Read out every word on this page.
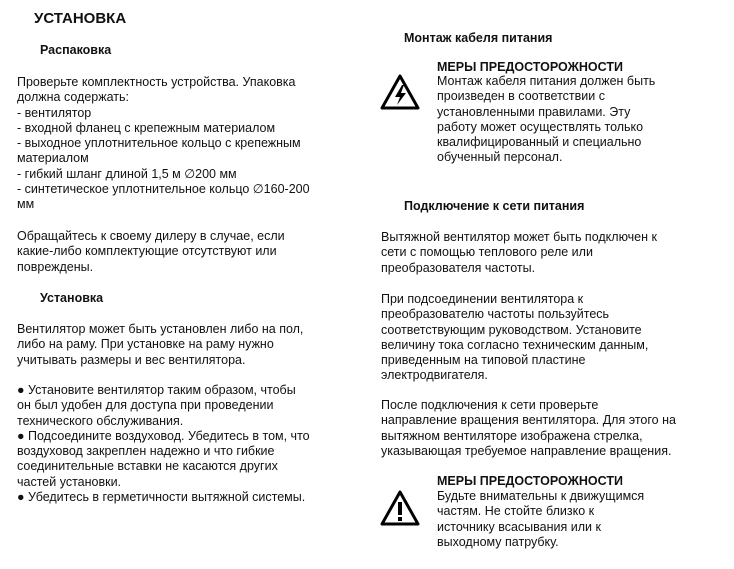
УСТАНОВКА
Распаковка
Проверьте комплектность устройства. Упаковка
должна содержать:
- вентилятор
- входной фланец с крепежным материалом
- выходное уплотнительное кольцо с крепежным
материалом
- гибкий шланг длиной 1,5 м ∅200 мм
- синтетическое уплотнительное кольцо ∅160-200
мм
Обращайтесь к своему дилеру в случае, если
какие-либо комплектующие отсутствуют или
повреждены.
Установка
Вентилятор может быть установлен либо на пол,
либо на раму. При установке на раму нужно
учитывать размеры и вес вентилятора.
● Установите вентилятор таким образом, чтобы
он был удобен для доступа при проведении
технического обслуживания.
● Подсоедините воздуховод. Убедитесь в том, что
воздуховод закреплен надежно и что гибкие
соединительные вставки не касаются других
частей установки.
● Убедитесь в герметичности вытяжной системы.
Монтаж кабеля питания
МЕРЫ ПРЕДОСТОРОЖНОСТИ
Монтаж кабеля питания должен быть
произведен в соответствии с
установленными правилами. Эту
работу может осуществлять только
квалифицированный и специально
обученный персонал.
Подключение к сети питания
Вытяжной вентилятор может быть подключен к
сети с помощью теплового реле или
преобразователя частоты.
При подсоединении вентилятора к
преобразователю частоты пользуйтесь
соответствующим руководством. Установите
величину тока согласно техническим данным,
приведенным на типовой пластине
электродвигателя.
После подключения к сети проверьте
направление вращения вентилятора. Для этого на
вытяжном вентиляторе изображена стрелка,
указывающая требуемое направление вращения.
МЕРЫ ПРЕДОСТОРОЖНОСТИ
Будьте внимательны к движущимся
частям. Не стойте близко к
источнику всасывания или к
выходному патрубку.
